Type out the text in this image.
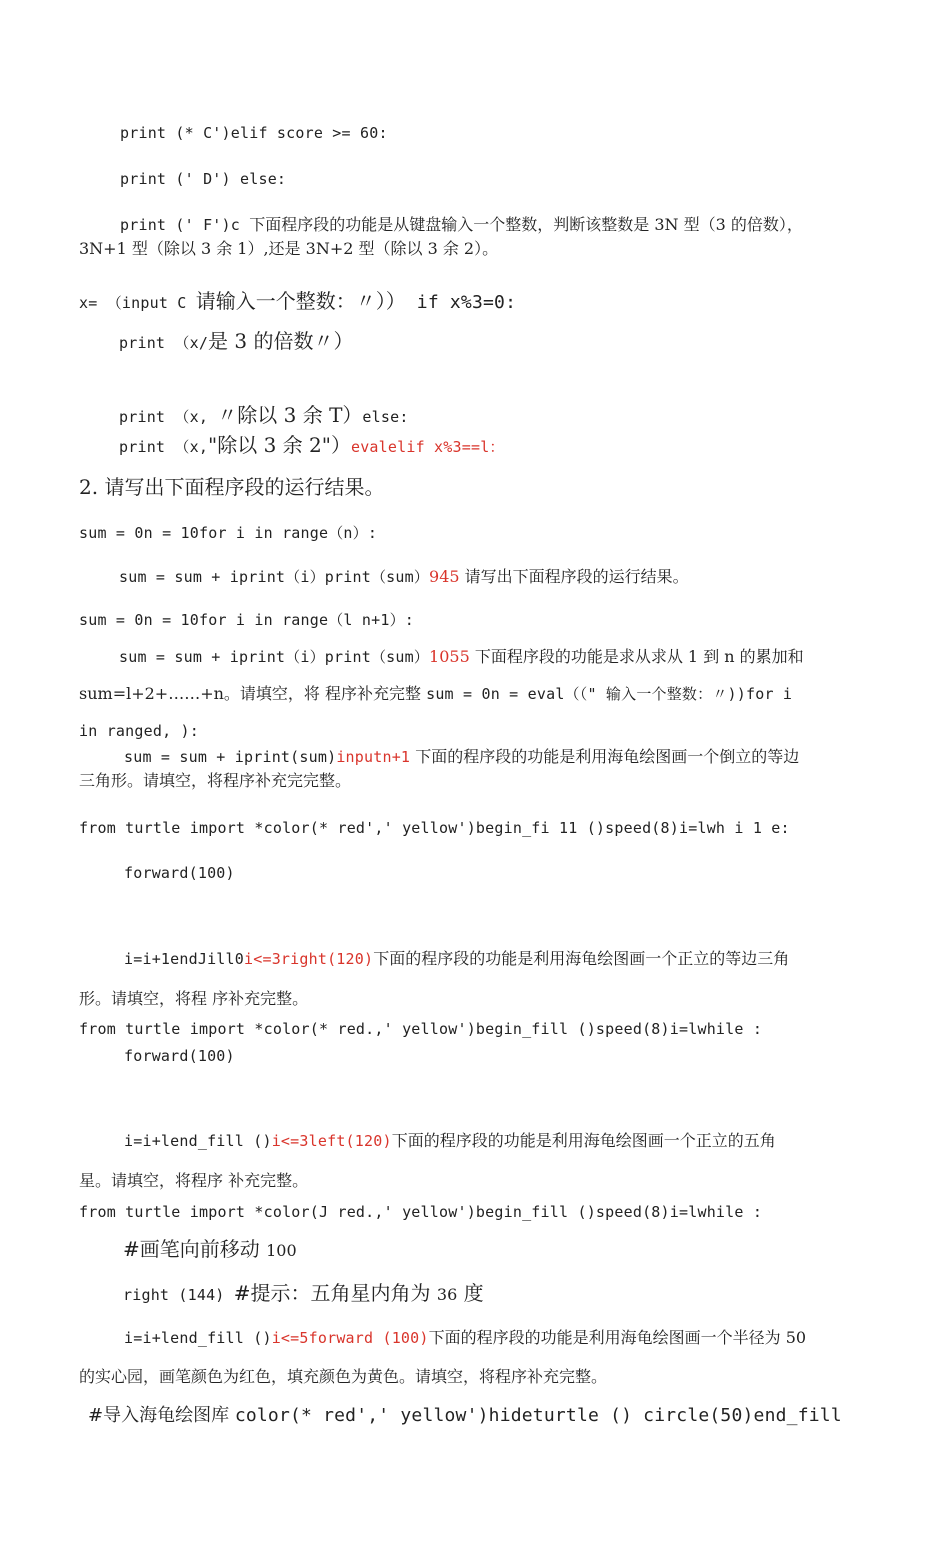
print (* C')elif score >= 60:
print (' D') else:
print (' F')c 下面程序段的功能是从键盘输入一个整数，判断该整数是 3N 型（3 的倍数），
3N+1 型（除以 3 余 1）,还是 3N+2 型（除以 3 余 2）。
x= （input C 请输入一个整数：〃）） if x%3=0:
print （x/是 3 的倍数〃）
print （x, 〃除以 3 余 T）else:
print （x,"除以 3 余 2"）evalelif x%3==l：
2. 请写出下面程序段的运行结果。
sum = 0n = 10for i in range（n）:
sum = sum + iprint（i）print（sum）945 请写出下面程序段的运行结果。
sum = 0n = 10for i in range（l n+1）:
sum = sum + iprint（i）print（sum）1055 下面程序段的功能是求从求从 1 到 n 的累加和
sum=l+2+……+n。请填空，将 程序补充完整 sum = 0n = eval（（" 输入一个整数：〃))for i
in ranged, ):
sum = sum + iprint(sum)inputn+1 下面的程序段的功能是利用海龟绘图画一个倒立的等边
三角形。请填空，将程序补充完完整。
from turtle import *color(* red',' yellow')begin_fi 11 ()speed(8)i=lwh i 1 e:
forward(100)
i=i+1endJill0i<=3right(120)下面的程序段的功能是利用海龟绘图画一个正立的等边三角
形。请填空，将程 序补充完整。
from turtle import *color(* red.,' yellow')begin_fill ()speed(8)i=lwhile :
forward(100)
i=i+lend_fill ()i<=3left(120)下面的程序段的功能是利用海龟绘图画一个正立的五角
星。请填空，将程序 补充完整。
from turtle import *color(J red.,' yellow')begin_fill ()speed(8)i=lwhile :
#画笔向前移动 100
right (144) #提示：五角星内角为 36 度
i=i+lend_fill ()i<=5forward (100)下面的程序段的功能是利用海龟绘图画一个半径为 50
的实心园，画笔颜色为红色，填充颜色为黄色。请填空，将程序补充完整。
#导入海龟绘图库 color(* red',' yellow')hideturtle () circle(50)end_fill
